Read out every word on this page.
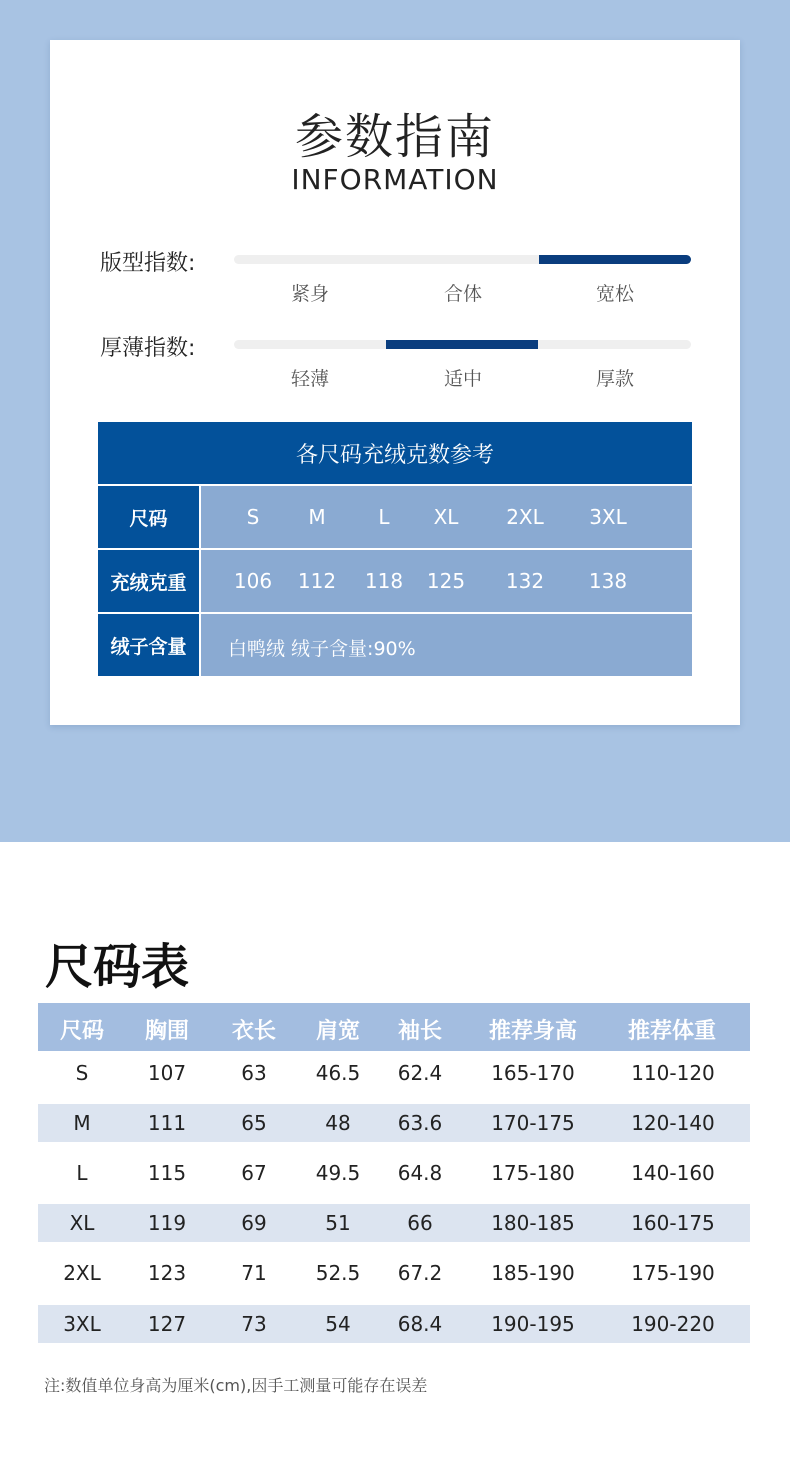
参数指南
INFORMATION
版型指数:
紧身	合体	宽松
厚薄指数:
轻薄	适中	厚款
各尺码充绒克数参考
尺码	S	M	L	XL	2XL	3XL
充绒克重	106	112	118	125	132	138
绒子含量	白鸭绒 绒子含量:90%
尺码表
尺码	胸围	衣长	肩宽	袖长	推荐身高	推荐体重
S	107	63	46.5	62.4	165-170	110-120
M	111	65	48	63.6	170-175	120-140
L	115	67	49.5	64.8	175-180	140-160
XL	119	69	51	66	180-185	160-175
2XL	123	71	52.5	67.2	185-190	175-190
3XL	127	73	54	68.4	190-195	190-220
注:数值单位身高为厘米(cm),因手工测量可能存在误差
